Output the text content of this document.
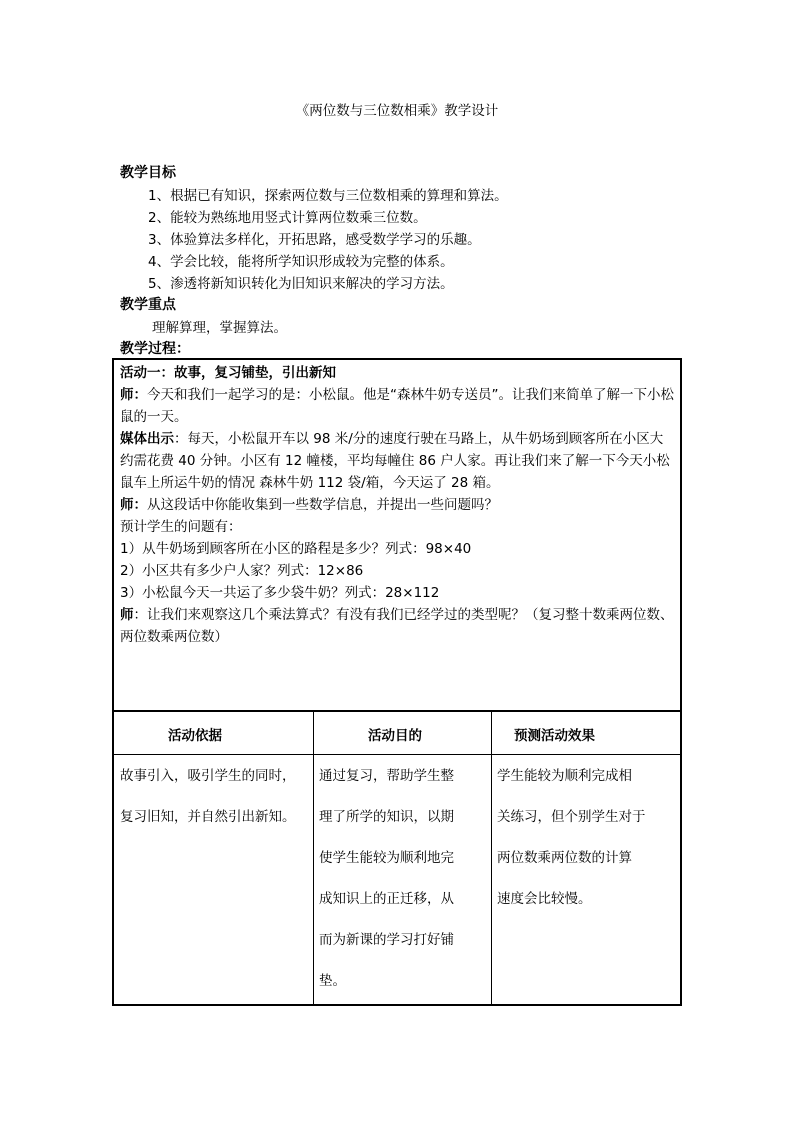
《两位数与三位数相乘》教学设计
教学目标
1、根据已有知识，探索两位数与三位数相乘的算理和算法。
2、能较为熟练地用竖式计算两位数乘三位数。
3、体验算法多样化，开拓思路，感受数学学习的乐趣。
4、学会比较，能将所学知识形成较为完整的体系。
5、渗透将新知识转化为旧知识来解决的学习方法。
教学重点
理解算理，掌握算法。
教学过程：

活动一：故事，复习铺垫，引出新知

师：今天和我们一起学习的是：小松鼠。他是“森林牛奶专送员”。让我们来简单了解一下小松鼠的一天。

媒体出示：每天，小松鼠开车以 98 米/分的速度行驶在马路上，从牛奶场到顾客所在小区大约需花费 40 分钟。小区有 12 幢楼，平均每幢住 86 户人家。再让我们来了解一下今天小松鼠车上所运牛奶的情况 森林牛奶 112 袋/箱，今天运了 28 箱。

师：从这段话中你能收集到一些数学信息，并提出一些问题吗？

预计学生的问题有：

1）从牛奶场到顾客所在小区的路程是多少？列式：98×40

2）小区共有多少户人家？列式：12×86

3）小松鼠今天一共运了多少袋牛奶？列式：28×112

师：让我们来观察这几个乘法算式？有没有我们已经学过的类型呢？（复习整十数乘两位数、两位数乘两位数）

活动依据	活动目的	预测活动效果

故事引入，吸引学生的同时，

复习旧知，并自然引出新知。

通过复习，帮助学生整

理了所学的知识，以期

使学生能较为顺利地完

成知识上的正迁移，从

而为新课的学习打好铺

垫。

学生能较为顺利完成相

关练习，但个别学生对于

两位数乘两位数的计算

速度会比较慢。
